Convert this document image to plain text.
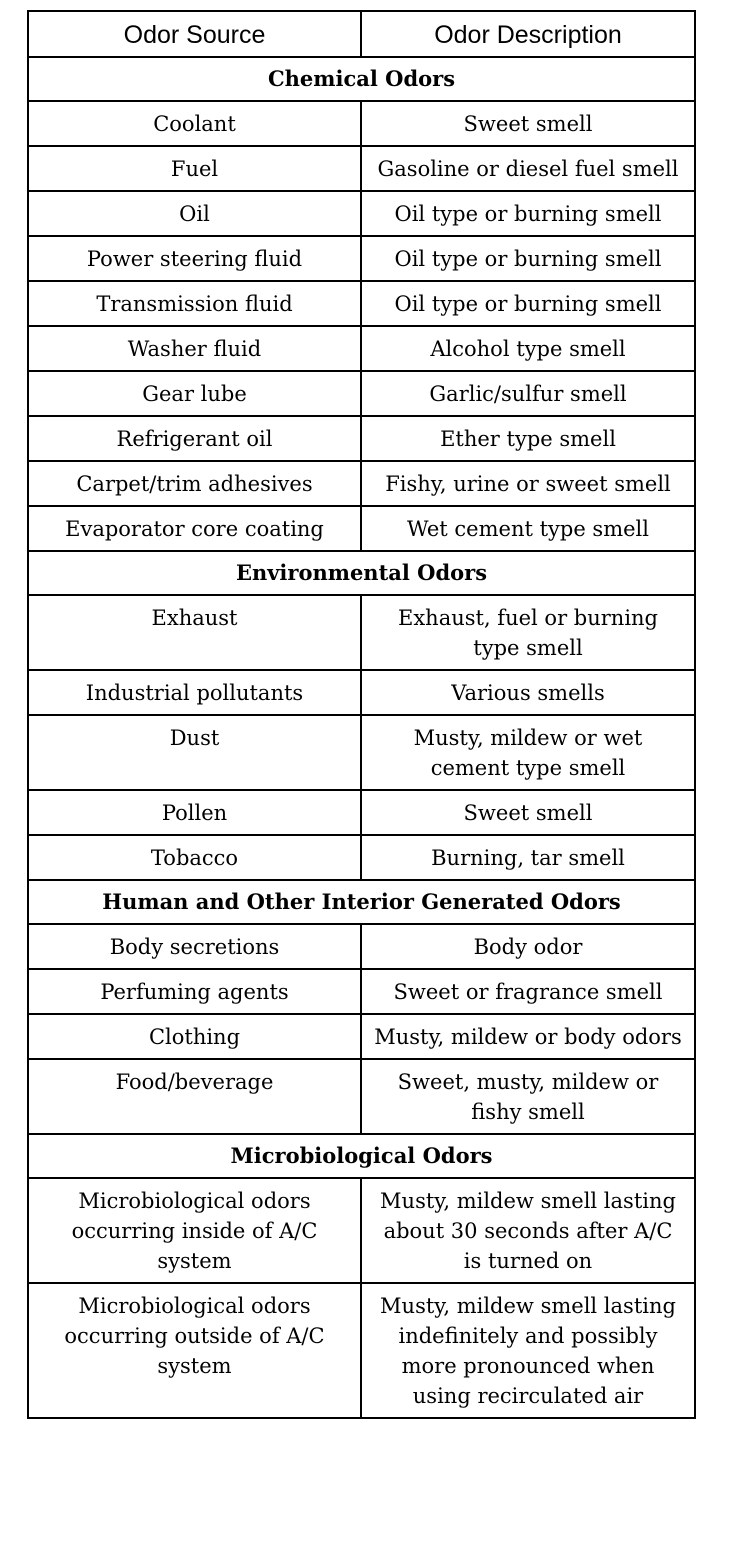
Odor Source	Odor Description
Chemical Odors	
Coolant	Sweet smell
Fuel	Gasoline or diesel fuel smell
Oil	Oil type or burning smell
Power steering fluid	Oil type or burning smell
Transmission fluid	Oil type or burning smell
Washer fluid	Alcohol type smell
Gear lube	Garlic/sulfur smell
Refrigerant oil	Ether type smell
Carpet/trim adhesives	Fishy, urine or sweet smell
Evaporator core coating	Wet cement type smell
Environmental Odors	
Exhaust	Exhaust, fuel or burning type smell
Industrial pollutants	Various smells
Dust	Musty, mildew or wet cement type smell
Pollen	Sweet smell
Tobacco	Burning, tar smell
Human and Other Interior Generated Odors	
Body secretions	Body odor
Perfuming agents	Sweet or fragrance smell
Clothing	Musty, mildew or body odors
Food/beverage	Sweet, musty, mildew or fishy smell
Microbiological Odors	
Microbiological odors occurring inside of A/C system	Musty, mildew smell lasting about 30 seconds after A/C is turned on
Microbiological odors occurring outside of A/C system	Musty, mildew smell lasting indefinitely and possibly more pronounced when using recirculated air
